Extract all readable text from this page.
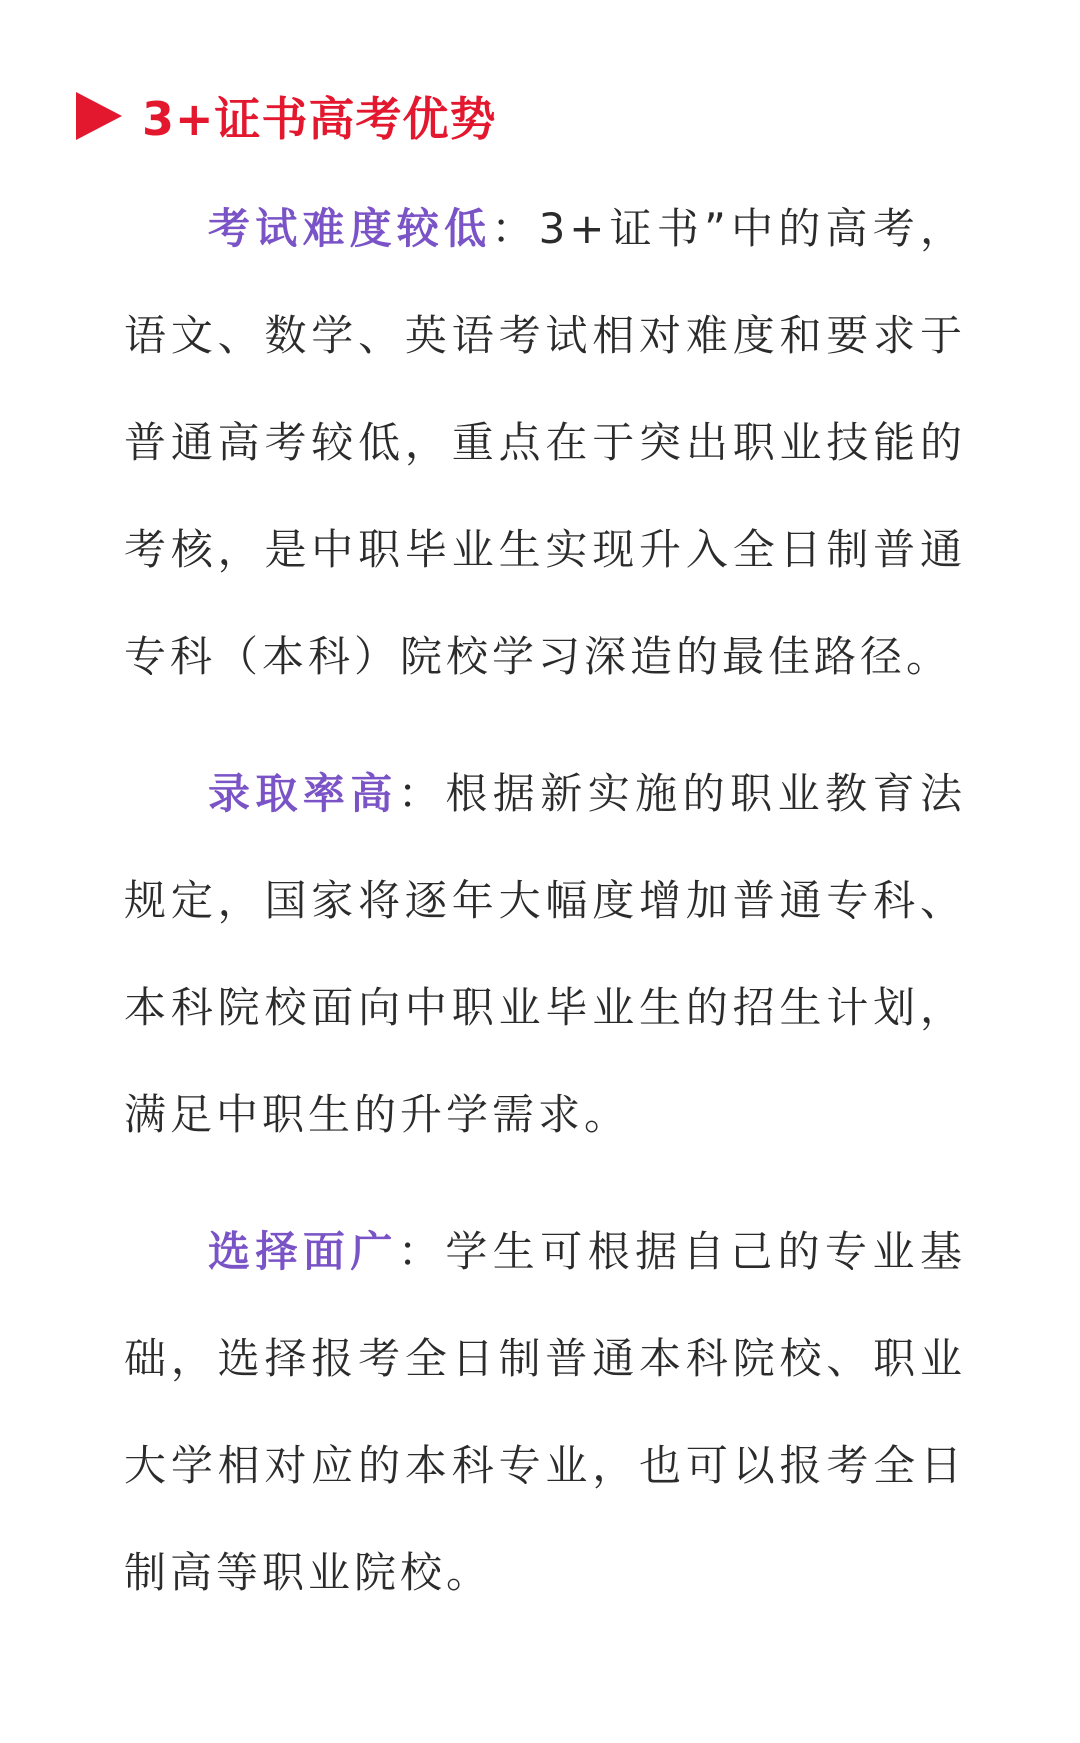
3+证书高考优势

考试难度较低：3+证书”中的高考，语文、数学、英语考试相对难度和要求于普通高考较低，重点在于突出职业技能的考核，是中职毕业生实现升入全日制普通专科（本科）院校学习深造的最佳路径。

录取率高：根据新实施的职业教育法规定，国家将逐年大幅度增加普通专科、本科院校面向中职业毕业生的招生计划，满足中职生的升学需求。

选择面广：学生可根据自己的专业基础，选择报考全日制普通本科院校、职业大学相对应的本科专业，也可以报考全日制高等职业院校。
